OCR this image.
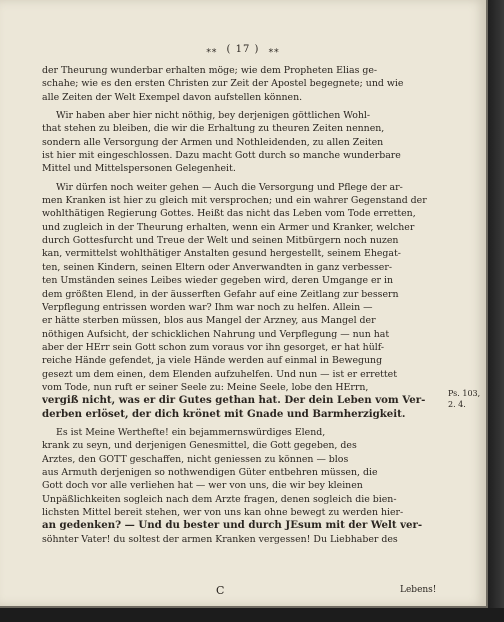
⁎⁎ ( 17 ) ⁎⁎

der Theurung wunderbar erhalten möge; wie dem Propheten Elias ge-
schahe; wie es den ersten Christen zur Zeit der Apostel begegnete; und wie
alle Zeiten der Welt Exempel davon aufstellen können.

Wir haben aber hier nicht nöthig, bey derjenigen göttlichen Wohl-
that stehen zu bleiben, die wir die Erhaltung zu theuren Zeiten nennen,
sondern alle Versorgung der Armen und Nothleidenden, zu allen Zeiten
ist hier mit eingeschlossen. Dazu macht Gott durch so manche wunderbare
Mittel und Mittelspersonen Gelegenheit.

Wir dürfen noch weiter gehen — Auch die Versorgung und Pflege der ar-
men Kranken ist hier zu gleich mit versprochen; und ein wahrer Gegenstand der
wohlthätigen Regierung Gottes. Heißt das nicht das Leben vom Tode erretten,
und zugleich in der Theurung erhalten, wenn ein Armer und Kranker, welcher
durch Gottesfurcht und Treue der Welt und seinen Mitbürgern noch nuzen
kan, vermittelst wohlthätiger Anstalten gesund hergestellt, seinem Ehegat-
ten, seinen Kindern, seinen Eltern oder Anverwandten in ganz verbesser-
ten Umständen seines Leibes wieder gegeben wird, deren Umgange er in
dem größten Elend, in der äusserften Gefahr auf eine Zeitlang zur bessern
Verpflegung entrissen worden war? Ihm war noch zu helfen. Allein —
er hätte sterben müssen, blos aus Mangel der Arzney, aus Mangel der
nöthigen Aufsicht, der schicklichen Nahrung und Verpflegung — nun hat
aber der HErr sein Gott schon zum voraus vor ihn gesorget, er hat hülf-
reiche Hände gefendet, ja viele Hände werden auf einmal in Bewegung
gesezt um dem einen, dem Elenden aufzuhelfen. Und nun — ist er errettet
vom Tode, nun ruft er seiner Seele zu: Meine Seele, lobe den HErrn,
vergiß nicht, was er dir Gutes gethan hat. Der dein Leben vom Ver-
derben erlöset, der dich krönet mit Gnade und Barmherzigkeit.

Es ist Meine Werthefte! ein bejammernswürdiges Elend,
krank zu seyn, und derjenigen Genesmittel, die Gott gegeben, des
Arztes, den GOTT geschaffen, nicht geniessen zu können — blos
aus Armuth derjenigen so nothwendigen Güter entbehren müssen, die
Gott doch vor alle verliehen hat — wer von uns, die wir bey kleinen
Unpäßlichkeiten sogleich nach dem Arzte fragen, denen sogleich die bien-
lichsten Mittel bereit stehen, wer von uns kan ohne bewegt zu werden hier-
an gedenken? — Und du bester und durch JEsum mit der Welt ver-
söhnter Vater! du soltest der armen Kranken vergessen! Du Liebhaber des

Ps. 103,
2. 4.
C	Lebens!
